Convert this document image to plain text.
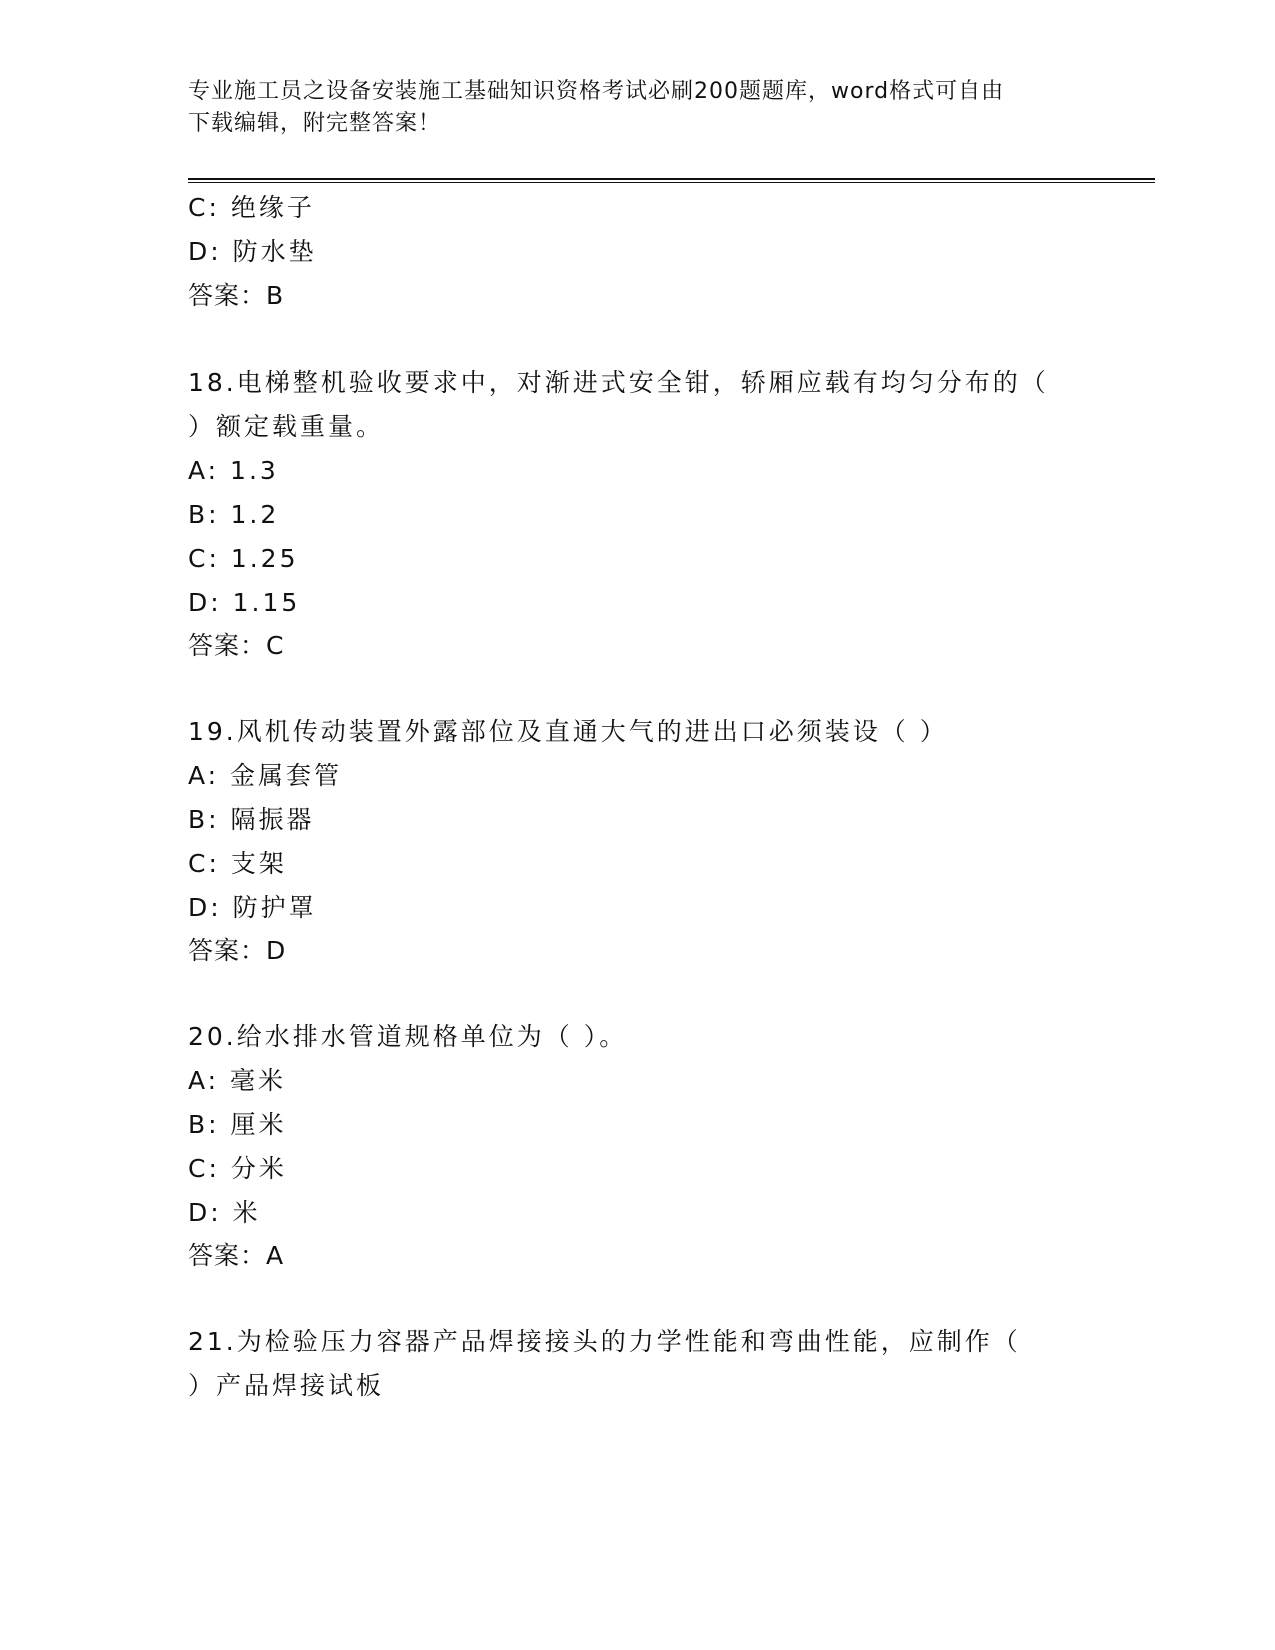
专业施工员之设备安装施工基础知识资格考试必刷200题题库，word格式可自由
下载编辑，附完整答案！
C: 绝缘子
D: 防水垫
答案：B
18.电梯整机验收要求中，对渐进式安全钳，轿厢应载有均匀分布的（
）额定载重量。
A: 1.3
B: 1.2
C: 1.25
D: 1.15
答案：C
19.风机传动装置外露部位及直通大气的进出口必须装设（ ）
A: 金属套管
B: 隔振器
C: 支架
D: 防护罩
答案：D
20.给水排水管道规格单位为（ ）。
A: 毫米
B: 厘米
C: 分米
D: 米
答案：A
21.为检验压力容器产品焊接接头的力学性能和弯曲性能，应制作（
）产品焊接试板
